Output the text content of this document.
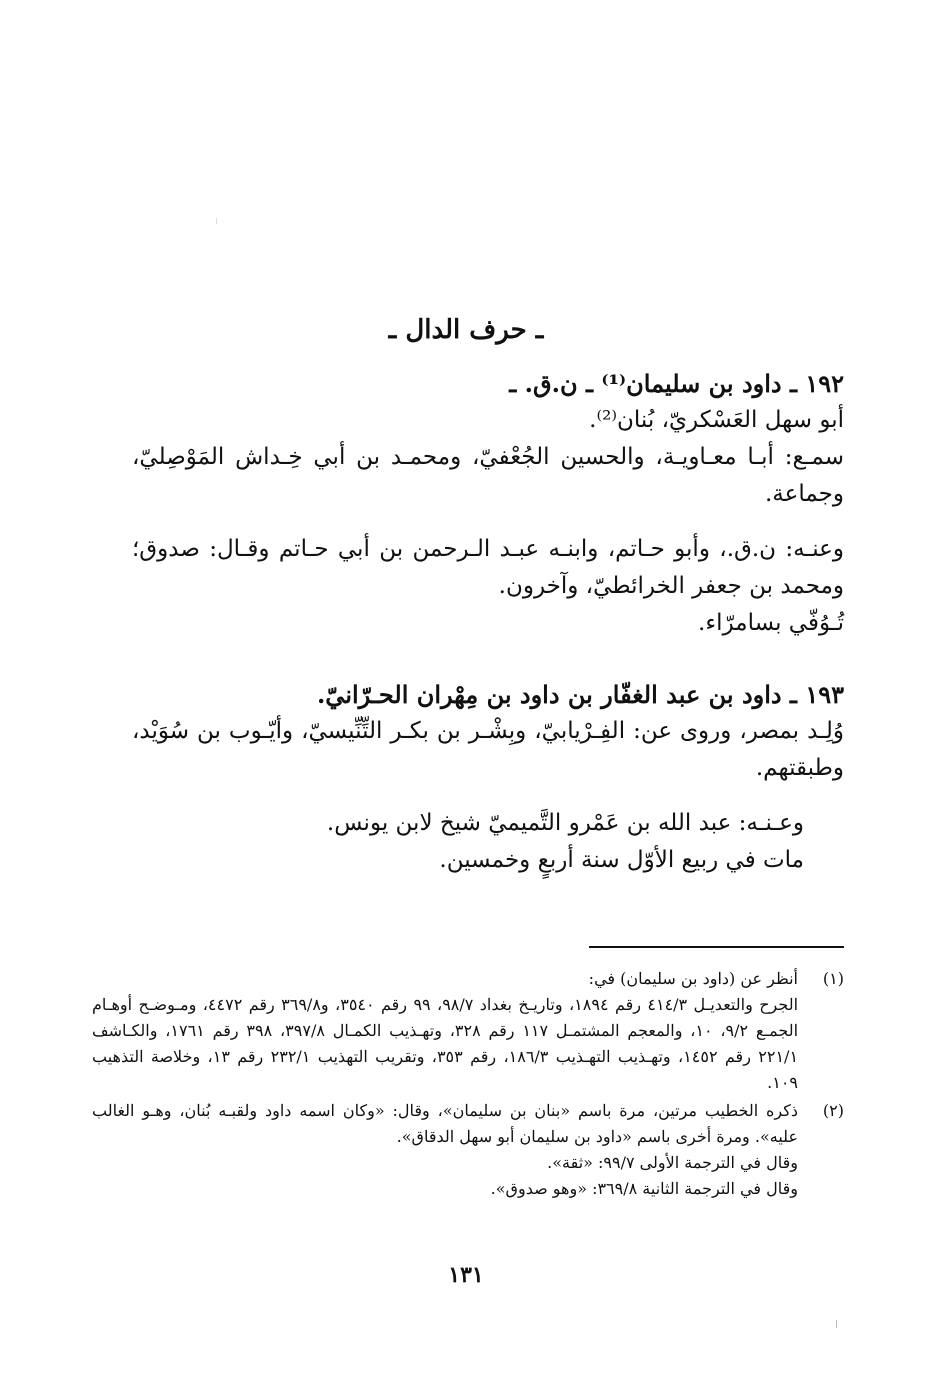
ـ حرف الدال ـ
١٩٢ ـ داود بن سليمان⁽¹⁾ ـ ن.ق. ـ

أبو سهل العَسْكريّ، بُنان⁽²⁾.

سمـع: أبـا معـاويـة، والحسين الجُعْفيّ، ومحمـد بن أبي خِـداش المَوْصِليّ، وجماعة.

وعنـه: ن.ق.، وأبو حـاتم، وابنـه عبـد الـرحمن بن أبي حـاتم وقـال: صدوق؛ ومحمد بن جعفر الخرائطيّ، وآخرون.

تُـوُفّي بسامرّاء.

١٩٣ ـ داود بن عبد الغفّار بن داود بن مِهْران الحـرّانيّ.

وُلِـد بمصر، وروى عن: الفِـرْيابيّ، وبِشْـر بن بكـر التِّنِّيسيّ، وأيّـوب بن سُوَيْد، وطبقتهم.

وعـنـه: عبد الله بن عَمْرو التَّميميّ شيخ لابن يونس.

مات في ربيع الأوّل سنة أربعٍ وخمسين.

(١)
أنظر عن (داود بن سليمان) في:
الجرح والتعديـل ٤١٤/٣ رقم ١٨٩٤، وتاريـخ بغداد ٩٨/٧، ٩٩ رقم ٣٥٤٠، و٣٦٩/٨ رقم ٤٤٧٢، ومـوضـح أوهـام الجمـع ٩/٢، ١٠، والمعجم المشتمـل ١١٧ رقم ٣٢٨، وتهـذيب الكمـال ٣٩٧/٨، ٣٩٨ رقم ١٧٦١، والكـاشف ٢٢١/١ رقم ١٤٥٢، وتهـذيب التهـذيب ١٨٦/٣، رقم ٣٥٣، وتقريب التهذيب ٢٣٢/١ رقم ١٣، وخلاصة التذهيب ١٠٩.
(٢)
ذكره الخطيب مرتين، مرة باسم «بنان بن سليمان»، وقال: «وكان اسمه داود ولقبـه بُنان، وهـو الغالب عليه». ومرة أخرى باسم «داود بن سليمان أبو سهل الدقاق».
وقال في الترجمة الأولى ٩٩/٧: «ثقة».
وقال في الترجمة الثانية ٣٦٩/٨: «وهو صدوق».
١٣١
